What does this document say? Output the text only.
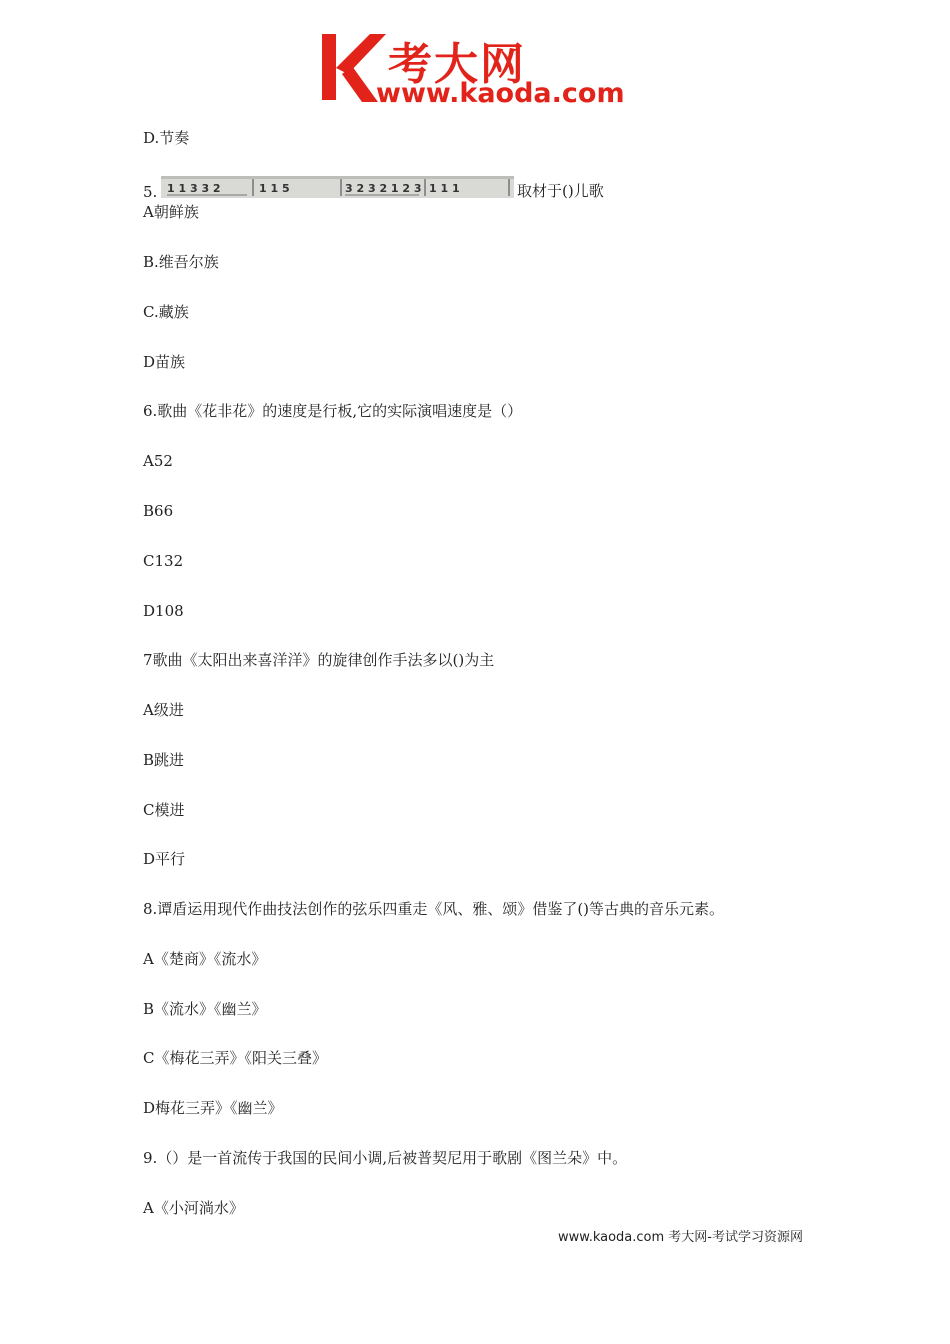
考大网
www.kaoda.com
D.节奏
5. 1 1 3 3 2	1 1 5	3 2 3 2 1 2 3 1 1 1	取材于()儿歌
A朝鲜族
B.维吾尔族
C.藏族
D苗族
6.歌曲《花非花》的速度是行板,它的实际演唱速度是（）
A52
B66
C132
D108
7歌曲《太阳出来喜洋洋》的旋律创作手法多以()为主
A级进
B跳进
C模进
D平行
8.谭盾运用现代作曲技法创作的弦乐四重走《风、雅、颂》借鉴了()等古典的音乐元素。
A《楚商》《流水》
B《流水》《幽兰》
C《梅花三弄》《阳关三叠》
D梅花三弄》《幽兰》
9.（）是一首流传于我国的民间小调,后被普契尼用于歌剧《图兰朵》中。
A《小河淌水》
www.kaoda.com 考大网-考试学习资源网
